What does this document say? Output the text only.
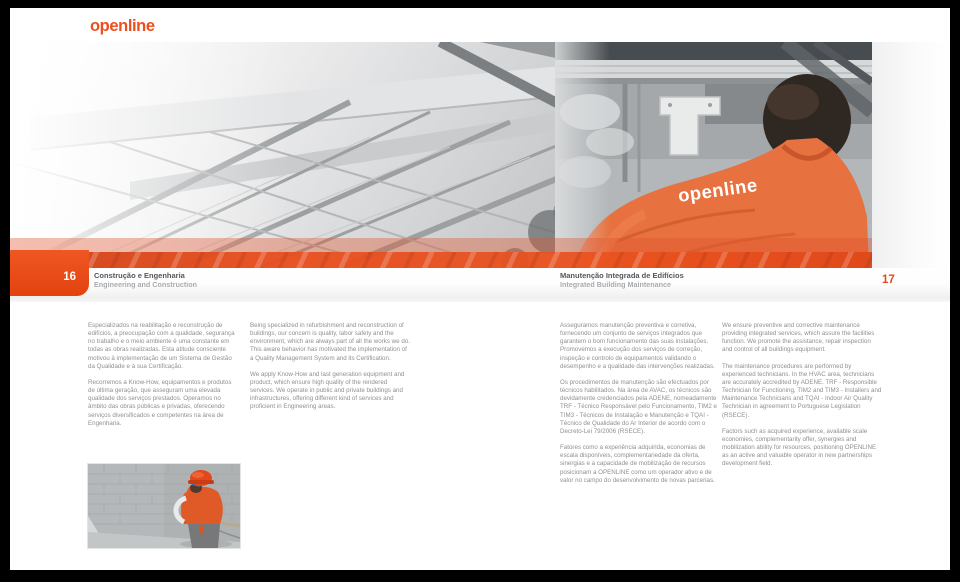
openline
openline
Construção e Engenharia
Engineering and Construction
Manutenção Integrada de Edifícios
Integrated Building Maintenance	17
16

Especializados na reabilitação e reconstrução de edifícios, a preocupação com a qualidade, segurança no trabalho e o meio ambiente é uma constante em todas as obras realizadas. Esta atitude consciente motivou à implementação de um Sistema de Gestão da Qualidade e à sua Certificação.

Recorremos a Know-How, equipamentos e produtos de última geração, que asseguram uma elevada qualidade dos serviços prestados. Operamos no âmbito das obras públicas e privadas, oferecendo serviços diversificados e competentes na área de Engenharia.

Being specialized in refurbishment and reconstruction of buildings, our concern is quality, labor safety and the environment, which are always part of all the works we do. This aware behavior has motivated the implementation of a Quality Management System and its Certification.

We apply Know-How and last generation equipment and product, which ensure high quality of the rendered services. We operate in public and private buildings and infrastructures, offering different kind of services and proficient in Engineering areas.

Asseguramos manutenção preventiva e corretiva, fornecendo um conjunto de serviços integrados que garantem o bom funcionamento das suas instalações. Promovemos a execução dos serviços de correção, inspeção e controlo de equipamentos validando o desempenho e a qualidade das intervenções realizadas.

Os procedimentos de manutenção são efectuados por técnicos habilitados. Na área de AVAC, os técnicos são devidamente credenciados pela ADENE, nomeadamente TRF - Técnico Responsável pelo Funcionamento, TIM2 e TIM3 - Técnicos de Instalação e Manutenção e TQAI - Técnico de Qualidade do Ar Interior de acordo com o Decreto-Lei 79/2006 (RSECE).

Fatores como a experiência adquirida, economias de escala disponíveis, complementariedade da oferta, sinergias e a capacidade de mobilização de recursos posicionam a OPENLINE como um operador ativo e de valor no campo do desenvolvimento de novas parcerias.

We ensure preventive and corrective maintenance providing integrated services, which assure the facilities function. We promote the assistance, repair inspection and control of all buildings equipment.

The maintenance procedures are performed by experienced technicians. In the HVAC area, technicians are accurately accredited by ADENE. TRF - Responsible Technician for Functioning, TIM2 and TIM3 - Installers and Maintenance Technicians and TQAI - Indoor Air Quality Technician in agreement to Portuguese Legislation (RSECE).

Factors such as acquired experience, available scale economies, complementarity offer, synergies and mobilization ability for resources, positioning OPENLINE as an active and valuable operator in new partnerships development field.
